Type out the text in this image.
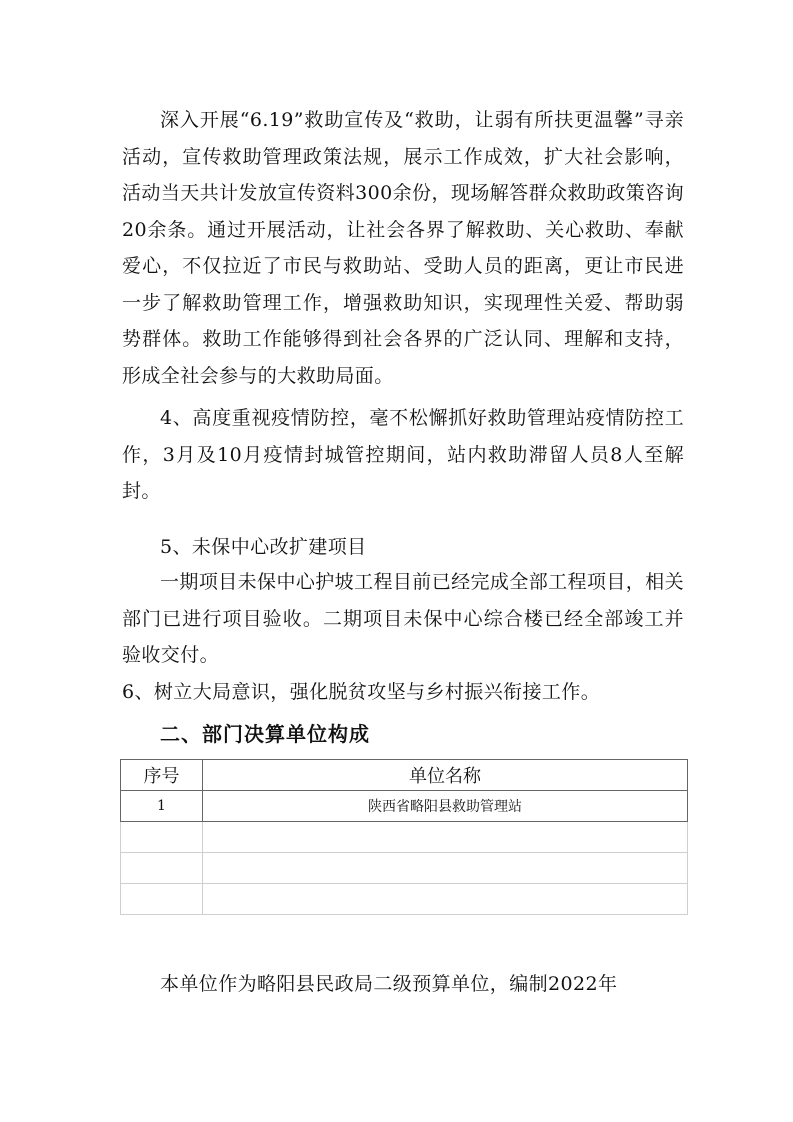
深入开展“6.19”救助宣传及“救助，让弱有所扶更温馨”寻亲活动，宣传救助管理政策法规，展示工作成效，扩大社会影响，活动当天共计发放宣传资料300余份，现场解答群众救助政策咨询20余条。通过开展活动，让社会各界了解救助、关心救助、奉献爱心，不仅拉近了市民与救助站、受助人员的距离，更让市民进一步了解救助管理工作，增强救助知识，实现理性关爱、帮助弱势群体。救助工作能够得到社会各界的广泛认同、理解和支持，形成全社会参与的大救助局面。

4、高度重视疫情防控，毫不松懈抓好救助管理站疫情防控工作，3月及10月疫情封城管控期间，站内救助滞留人员8人至解封。

5、未保中心改扩建项目

一期项目未保中心护坡工程目前已经完成全部工程项目，相关部门已进行项目验收。二期项目未保中心综合楼已经全部竣工并验收交付。

6、树立大局意识，强化脱贫攻坚与乡村振兴衔接工作。

二、部门决算单位构成
序号	单位名称
1	陕西省略阳县救助管理站

本单位作为略阳县民政局二级预算单位，编制2022年
